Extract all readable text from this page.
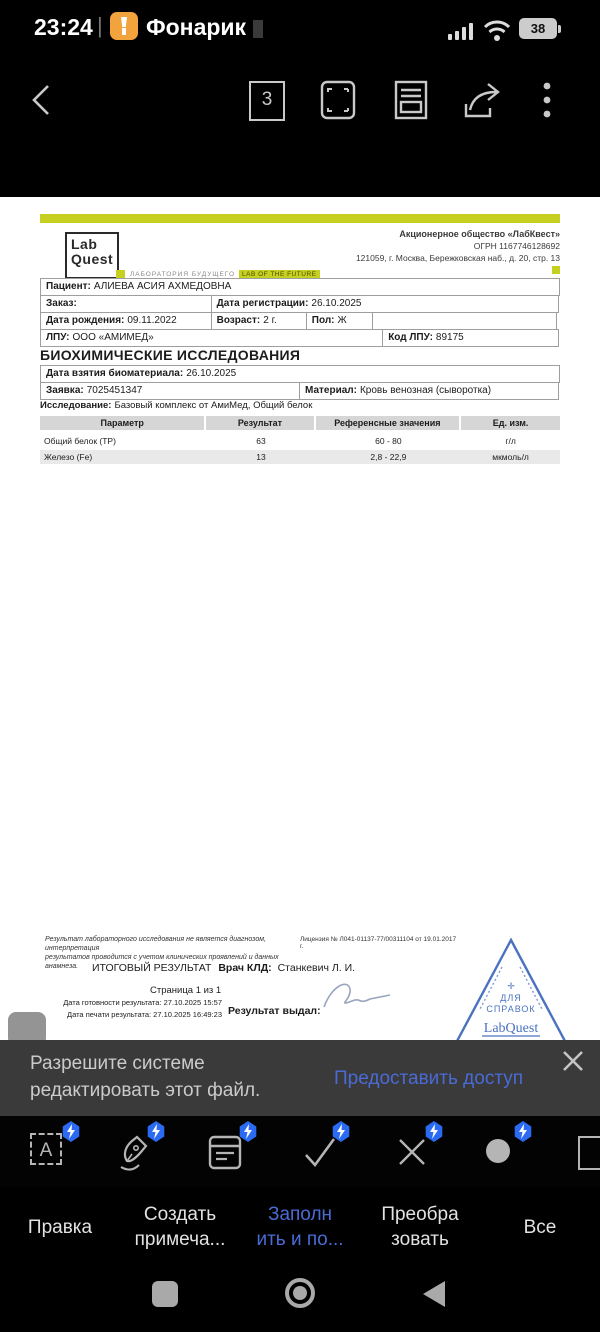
23:24 | Фонарик	38
3
Lab
Quest
ЛАБОРАТОРИЯ БУДУЩЕГО LAB OF THE FUTURE
Акционерное общество «ЛабКвест»
ОГРН 1167746128692
121059, г. Москва, Бережковская наб., д. 20, стр. 13
Пациент: АЛИЕВА АСИЯ АХМЕДОВНА
Заказ:	Дата регистрации: 26.10.2025
Дата рождения: 09.11.2022	Возраст: 2 г.	Пол: Ж
ЛПУ: ООО «АМИМЕД»	Код ЛПУ: 89175
БИОХИМИЧЕСКИЕ ИССЛЕДОВАНИЯ
Дата взятия биоматериала: 26.10.2025
Заявка: 7025451347	Материал: Кровь венозная (сыворотка)
Исследование: Базовый комплекс от АмиМед, Общий белок
Параметр	Результат	Референсные значения	Ед. изм.
Общий белок (TP)	63	60 - 80	г/л
Железо (Fe)	13	2,8 - 22,9	мкмоль/л
Результат лабораторного исследования не является диагнозом, интерпретация
результатов проводится с учетом клинических проявлений и данных анамнеза.
Лицензия № Л041-01137-77/00311104 от 19.01.2017 г.
ИТОГОВЫЙ РЕЗУЛЬТАТ Врач КЛД: Станкевич Л. И.
Страница 1 из 1
Дата готовности результата: 27.10.2025 15:57
Дата печати результата: 27.10.2025 16:49:23 Результат выдал:
✛
ДЛЯ
СПРАВОК
LabQuest
Разрешите системе
редактировать этот файл.
Предоставить доступ
A
Правка
Создать
примеча...
Заполн
ить и по...
Преобра
зовать
Все
